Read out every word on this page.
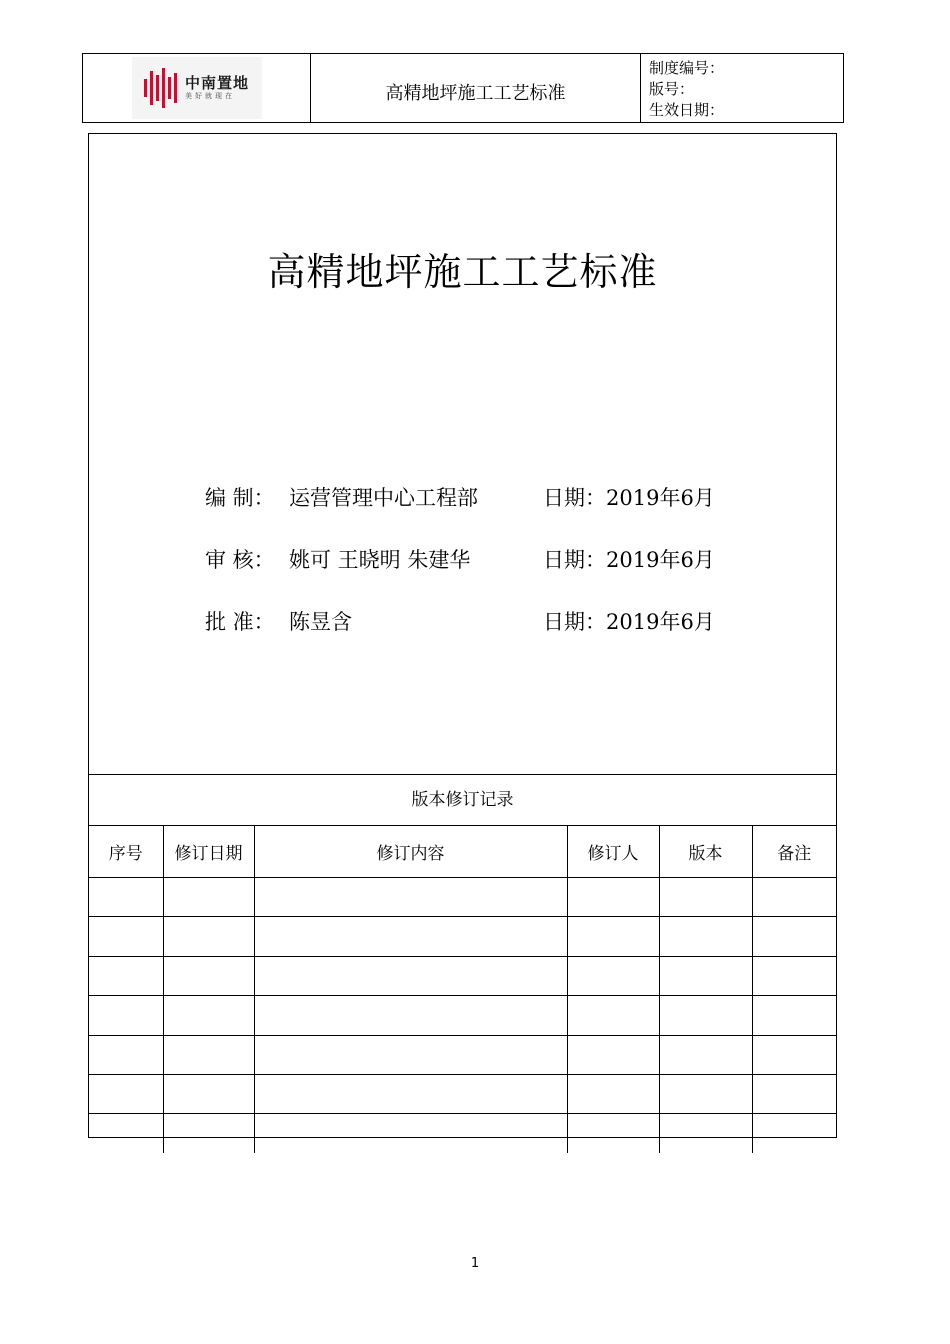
中南置地
美好就现在	高精地坪施工工艺标准
制度编号：
版号：
生效日期：
高精地坪施工工艺标准
编 制： 运营管理中心工程部	日期：2019年6月
审 核： 姚可 王晓明 朱建华	日期：2019年6月
批 准： 陈昱含	日期：2019年6月
版本修订记录
序号	修订日期	修订内容	修订人	版本	备注

1
